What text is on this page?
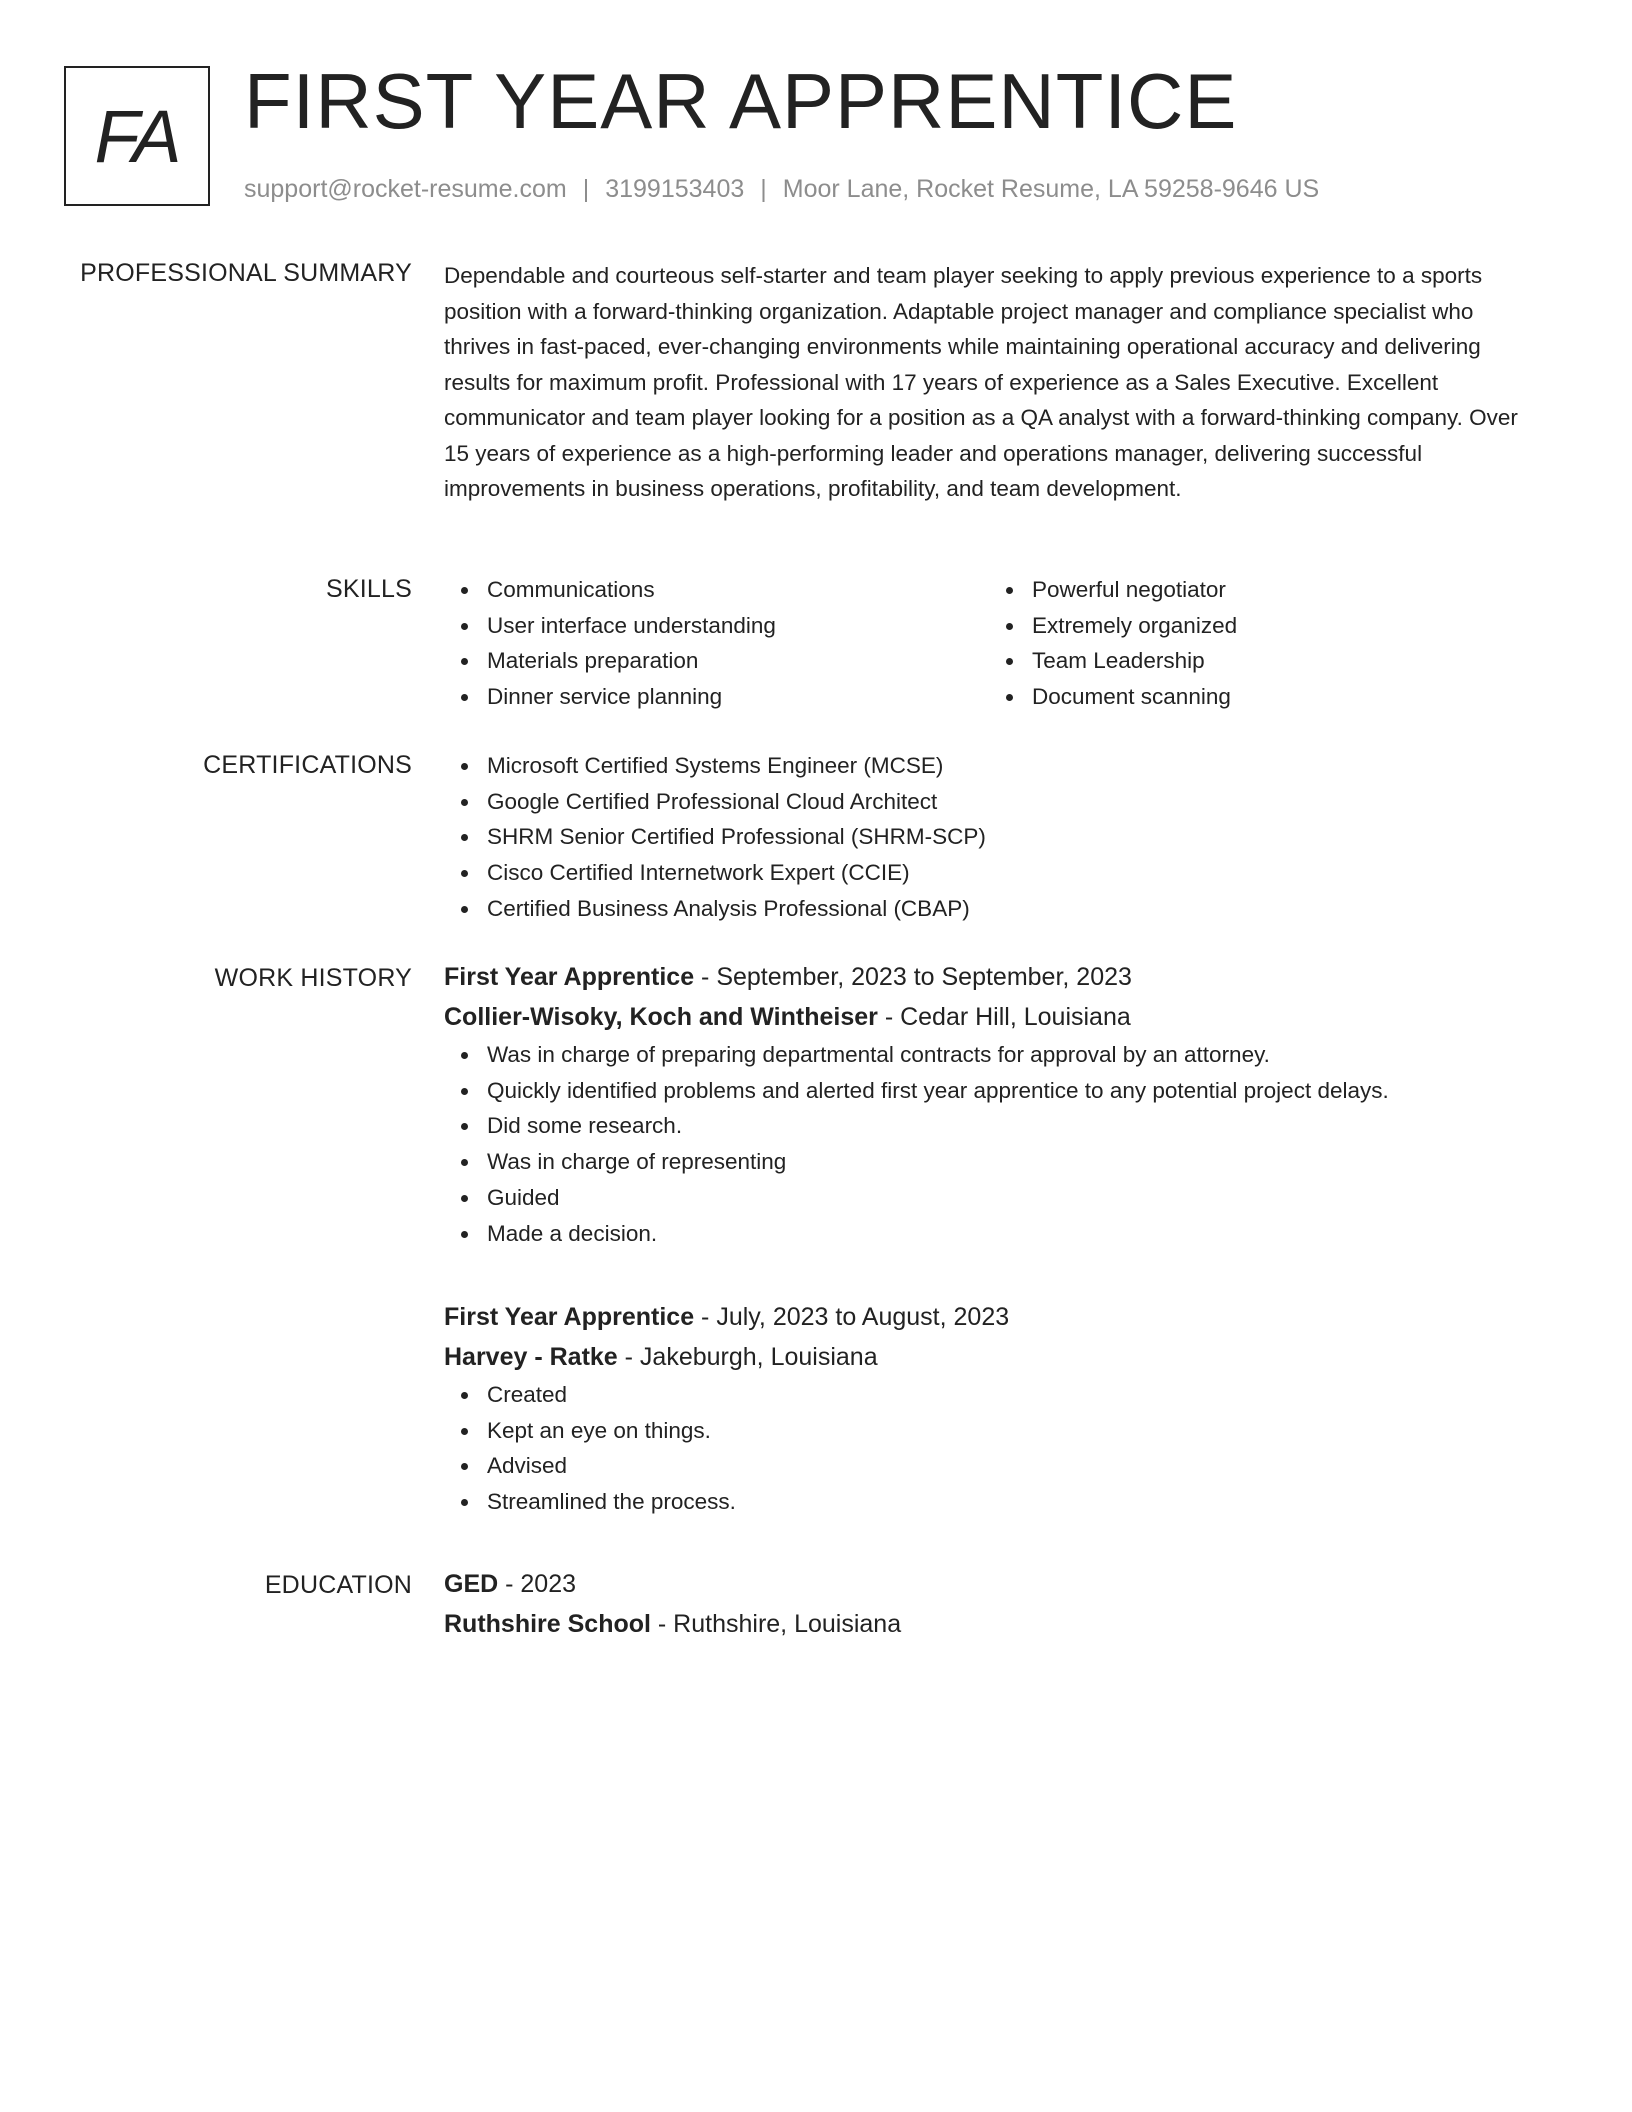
FA FIRST YEAR APPRENTICE
support@rocket-resume.com | 3199153403 | Moor Lane, Rocket Resume, LA 59258-9646 US
PROFESSIONAL SUMMARY Dependable and courteous self-starter and team player seeking to apply previous experience to a sports position with a forward-thinking organization. Adaptable project manager and compliance specialist who thrives in fast-paced, ever-changing environments while maintaining operational accuracy and delivering results for maximum profit. Professional with 17 years of experience as a Sales Executive. Excellent communicator and team player looking for a position as a QA analyst with a forward-thinking company. Over 15 years of experience as a high-performing leader and operations manager, delivering successful improvements in business operations, profitability, and team development.

SKILLS	Communications
User interface understanding
Materials preparation
Dinner service planning
Powerful negotiator
Extremely organized
Team Leadership
Document scanning
CERTIFICATIONS	Microsoft Certified Systems Engineer (MCSE)
Google Certified Professional Cloud Architect
SHRM Senior Certified Professional (SHRM-SCP)
Cisco Certified Internetwork Expert (CCIE)
Certified Business Analysis Professional (CBAP)
WORK HISTORY First Year Apprentice - September, 2023 to September, 2023
Collier-Wisoky, Koch and Wintheiser - Cedar Hill, Louisiana
Was in charge of preparing departmental contracts for approval by an attorney.
Quickly identified problems and alerted first year apprentice to any potential project delays.
Did some research.
Was in charge of representing
Guided
Made a decision.
First Year Apprentice - July, 2023 to August, 2023
Harvey - Ratke - Jakeburgh, Louisiana
Created
Kept an eye on things.
Advised
Streamlined the process.
EDUCATION GED - 2023
Ruthshire School - Ruthshire, Louisiana
